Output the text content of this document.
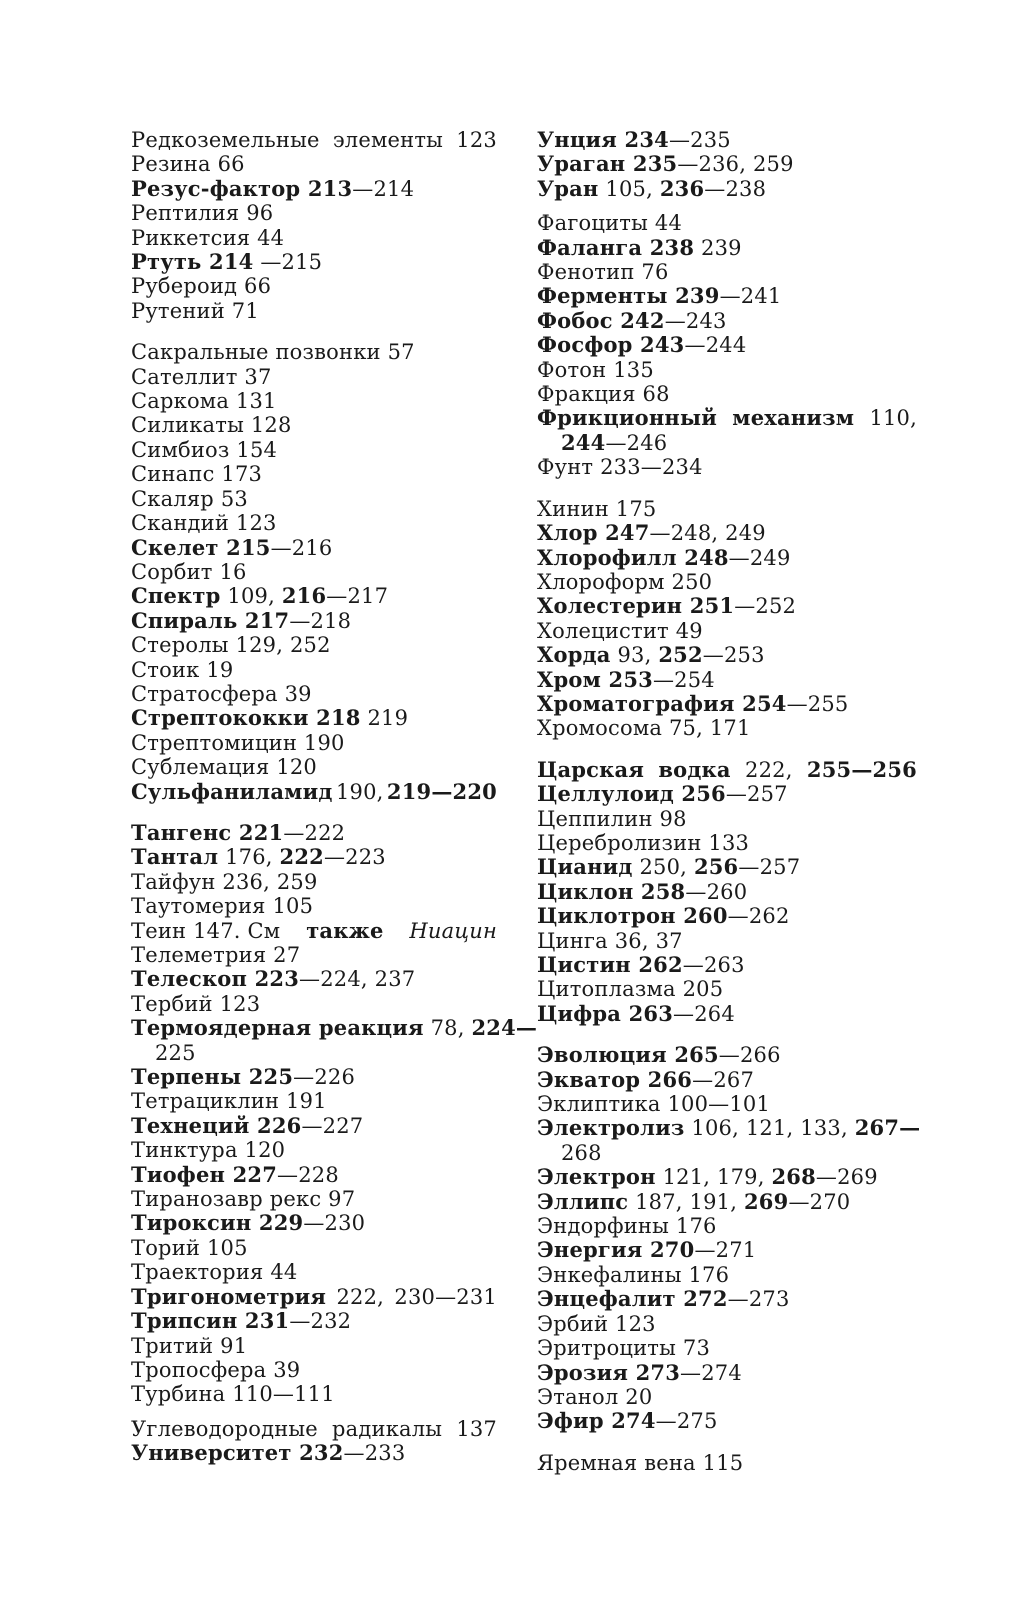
Редкоземельные элементы 123
Резина 66
Резус-фактор 213—214
Рептилия 96
Риккетсия 44
Ртуть 214 —215
Рубероид 66
Рутений 71
Сакральные позвонки 57
Сателлит 37
Саркома 131
Силикаты 128
Симбиоз 154
Синапс 173
Скаляр 53
Скандий 123
Скелет 215—216
Сорбит 16
Спектр 109, 216—217
Спираль 217—218
Стеролы 129, 252
Стоик 19
Стратосфера 39
Стрептококки 218 219
Стрептомицин 190
Сублемация 120
Сульфаниламид 190, 219—220
Тангенс 221—222
Тантал 176, 222—223
Тайфун 236, 259
Таутомерия 105
Теин 147. См также Ниацин
Телеметрия 27
Телескоп 223—224, 237
Тербий 123
Термоядерная реакция 78, 224—
225
Терпены 225—226
Тетрациклин 191
Технеций 226—227
Тинктура 120
Тиофен 227—228
Тиранозавр рекс 97
Тироксин 229—230
Торий 105
Траектория 44
Тригонометрия 222, 230—231
Трипсин 231—232
Тритий 91
Тропосфера 39
Турбина 110—111
Углеводородные радикалы 137
Университет 232—233
Унция 234—235
Ураган 235—236, 259
Уран 105, 236—238
Фагоциты 44
Фаланга 238 239
Фенотип 76
Ферменты 239—241
Фобос 242—243
Фосфор 243—244
Фотон 135
Фракция 68
Фрикционный механизм 110,
244—246
Фунт 233—234
Хинин 175
Хлор 247—248, 249
Хлорофилл 248—249
Хлороформ 250
Холестерин 251—252
Холецистит 49
Хорда 93, 252—253
Хром 253—254
Хроматография 254—255
Хромосома 75, 171
Царская водка 222, 255—256
Целлулоид 256—257
Цеппилин 98
Церебролизин 133
Цианид 250, 256—257
Циклон 258—260
Циклотрон 260—262
Цинга 36, 37
Цистин 262—263
Цитоплазма 205
Цифра 263—264
Эволюция 265—266
Экватор 266—267
Эклиптика 100—101
Электролиз 106, 121, 133, 267—
268
Электрон 121, 179, 268—269
Эллипс 187, 191, 269—270
Эндорфины 176
Энергия 270—271
Энкефалины 176
Энцефалит 272—273
Эрбий 123
Эритроциты 73
Эрозия 273—274
Этанол 20
Эфир 274—275
Яремная вена 115
